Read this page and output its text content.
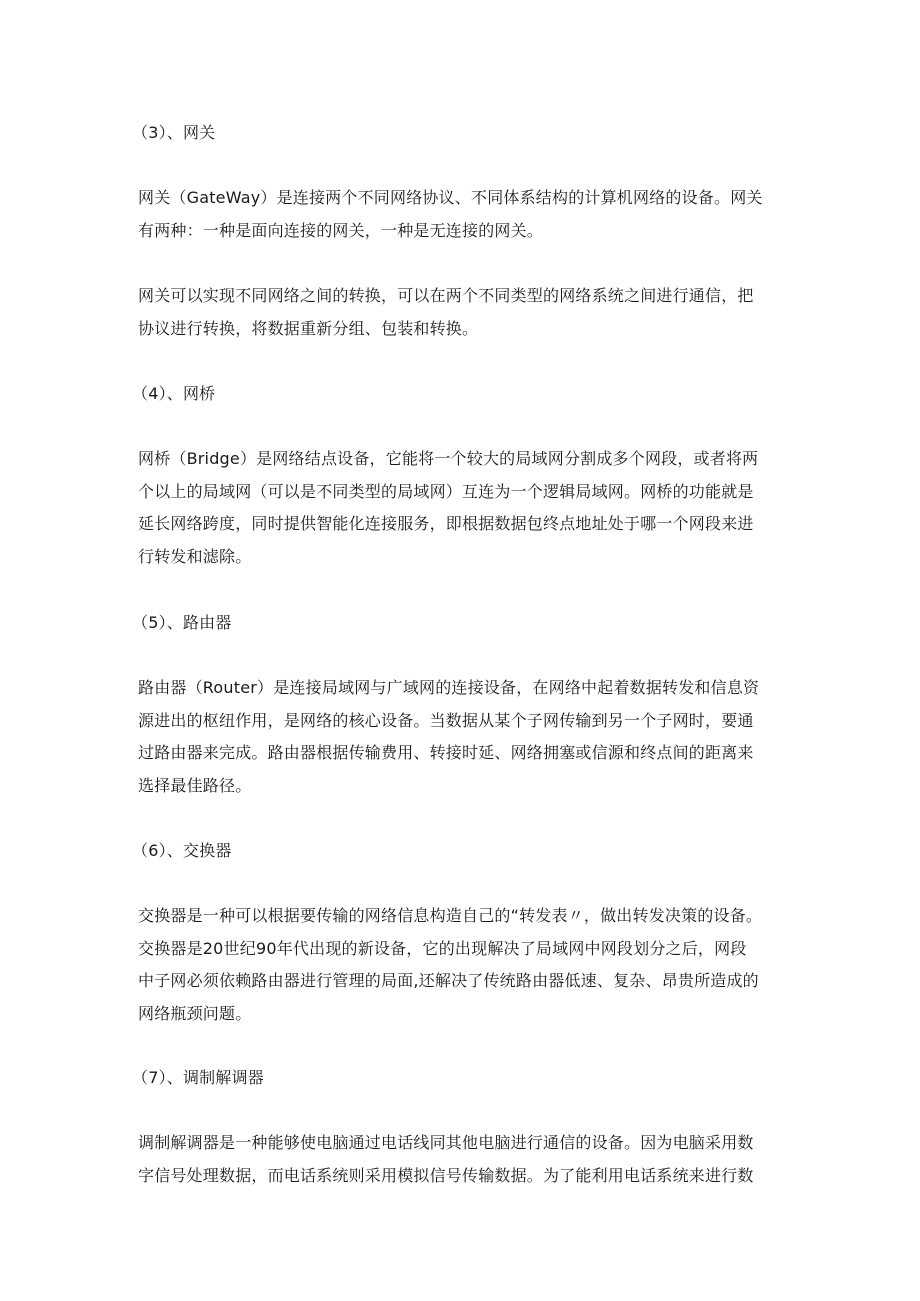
（3）、网关

网关（GateWay）是连接两个不同网络协议、不同体系结构的计算机网络的设备。网关
有两种：一种是面向连接的网关，一种是无连接的网关。

网关可以实现不同网络之间的转换，可以在两个不同类型的网络系统之间进行通信，把
协议进行转换，将数据重新分组、包装和转换。

（4）、网桥

网桥（Bridge）是网络结点设备，它能将一个较大的局域网分割成多个网段，或者将两
个以上的局域网（可以是不同类型的局域网）互连为一个逻辑局域网。网桥的功能就是
延长网络跨度，同时提供智能化连接服务，即根据数据包终点地址处于哪一个网段来进
行转发和滤除。

（5）、路由器

路由器（Router）是连接局域网与广域网的连接设备，在网络中起着数据转发和信息资
源进出的枢纽作用，是网络的核心设备。当数据从某个子网传输到另一个子网时，要通
过路由器来完成。路由器根据传输费用、转接时延、网络拥塞或信源和终点间的距离来
选择最佳路径。

（6）、交换器

交换器是一种可以根据要传输的网络信息构造自己的“转发表〃，做出转发决策的设备。
交换器是20世纪90年代出现的新设备，它的出现解决了局域网中网段划分之后，网段
中子网必须依赖路由器进行管理的局面,还解决了传统路由器低速、复杂、昂贵所造成的
网络瓶颈问题。

（7）、调制解调器

调制解调器是一种能够使电脑通过电话线同其他电脑进行通信的设备。因为电脑采用数
字信号处理数据，而电话系统则采用模拟信号传输数据。为了能利用电话系统来进行数
